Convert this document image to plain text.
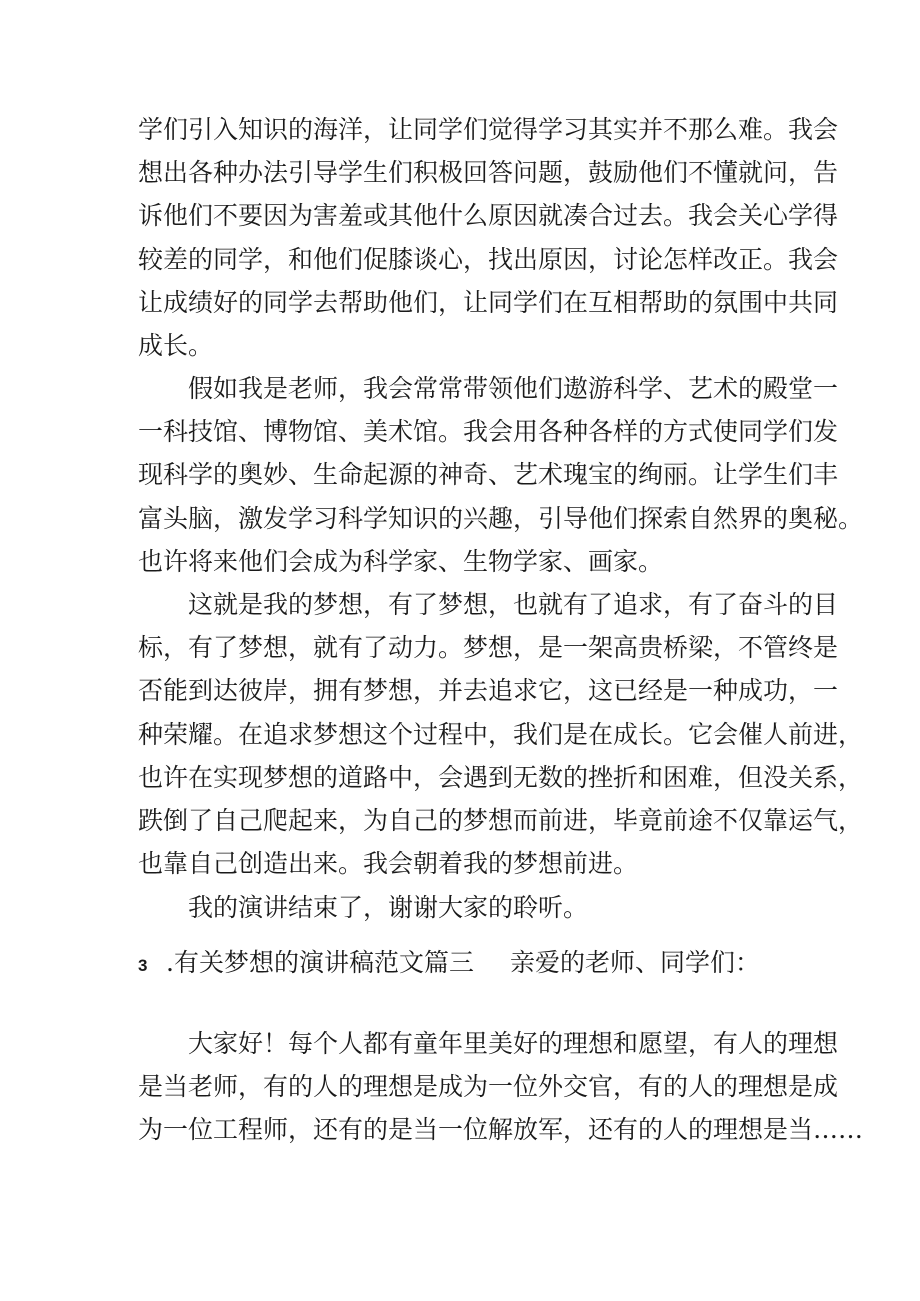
学们引入知识的海洋，让同学们觉得学习其实并不那么难。我会
想出各种办法引导学生们积极回答问题，鼓励他们不懂就问，告
诉他们不要因为害羞或其他什么原因就凑合过去。我会关心学得
较差的同学，和他们促膝谈心，找出原因，讨论怎样改正。我会
让成绩好的同学去帮助他们，让同学们在互相帮助的氛围中共同
成长。
假如我是老师，我会常常带领他们遨游科学、艺术的殿堂一
一科技馆、博物馆、美术馆。我会用各种各样的方式使同学们发
现科学的奥妙、生命起源的神奇、艺术瑰宝的绚丽。让学生们丰
富头脑，激发学习科学知识的兴趣，引导他们探索自然界的奥秘。
也许将来他们会成为科学家、生物学家、画家。
这就是我的梦想，有了梦想，也就有了追求，有了奋斗的目
标，有了梦想，就有了动力。梦想，是一架高贵桥梁，不管终是
否能到达彼岸，拥有梦想，并去追求它，这已经是一种成功，一
种荣耀。在追求梦想这个过程中，我们是在成长。它会催人前进，
也许在实现梦想的道路中，会遇到无数的挫折和困难，但没关系，
跌倒了自己爬起来，为自己的梦想而前进，毕竟前途不仅靠运气，
也靠自己创造出来。我会朝着我的梦想前进。
我的演讲结束了，谢谢大家的聆听。
3 .有关梦想的演讲稿范文篇三 亲爱的老师、同学们：
大家好！每个人都有童年里美好的理想和愿望，有人的理想
是当老师，有的人的理想是成为一位外交官，有的人的理想是成
为一位工程师，还有的是当一位解放军，还有的人的理想是当……
